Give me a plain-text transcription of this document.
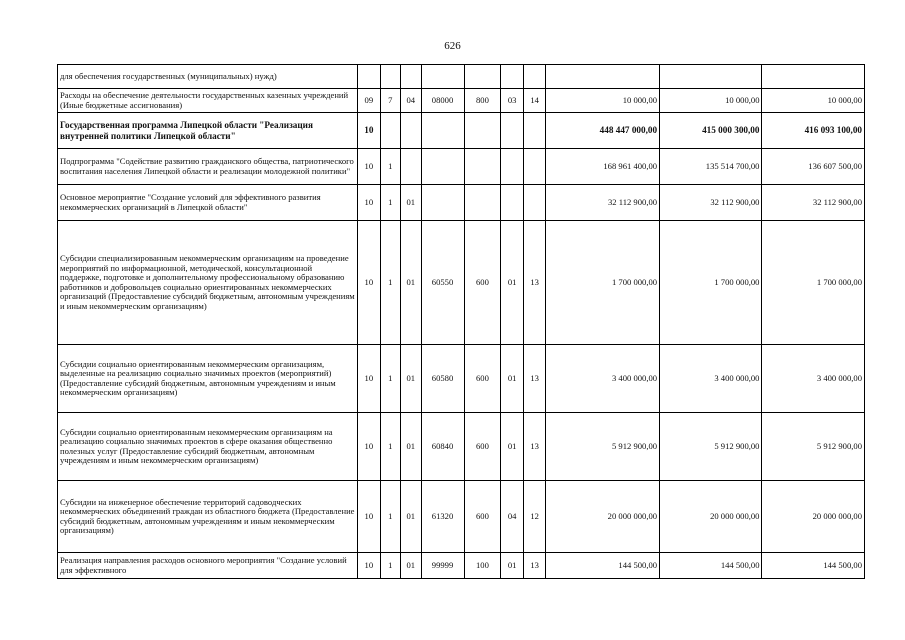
626
для обеспечения государственных (муниципальных) нужд)										
Расходы на обеспечение деятельности государственных казенных учреждений (Иные бюджетные ассигнования)	09	7	04	08000	800	03	14	10 000,00	10 000,00	10 000,00
Государственная программа Липецкой области "Реализация внутренней политики Липецкой области"	10							448 447 000,00	415 000 300,00	416 093 100,00
Подпрограмма "Содействие развитию гражданского общества, патриотического воспитания населения Липецкой области и реализации молодежной политики"	10	1						168 961 400,00	135 514 700,00	136 607 500,00
Основное мероприятие "Создание условий для эффективного развития некоммерческих организаций в Липецкой области"	10	1	01					32 112 900,00	32 112 900,00	32 112 900,00
Субсидии специализированным некоммерческим организациям на проведение мероприятий по информационной, методической, консультационной поддержке, подготовке и дополнительному профессиональному образованию работников и добровольцев социально ориентированных некоммерческих организаций (Предоставление субсидий бюджетным, автономным учреждениям и иным некоммерческим организациям)	10	1	01	60550	600	01	13	1 700 000,00	1 700 000,00	1 700 000,00
Субсидии социально ориентированным некоммерческим организациям, выделенные на реализацию социально значимых проектов (мероприятий) (Предоставление субсидий бюджетным, автономным учреждениям и иным некоммерческим организациям)	10	1	01	60580	600	01	13	3 400 000,00	3 400 000,00	3 400 000,00
Субсидии социально ориентированным некоммерческим организациям на реализацию социально значимых проектов в сфере оказания общественно полезных услуг (Предоставление субсидий бюджетным, автономным учреждениям и иным некоммерческим организациям)	10	1	01	60840	600	01	13	5 912 900,00	5 912 900,00	5 912 900,00
Субсидии на инженерное обеспечение территорий садоводческих некоммерческих объединений граждан из областного бюджета (Предоставление субсидий бюджетным, автономным учреждениям и иным некоммерческим организациям)	10	1	01	61320	600	04	12	20 000 000,00	20 000 000,00	20 000 000,00
Реализация направления расходов основного мероприятия "Создание условий для эффективного	10	1	01	99999	100	01	13	144 500,00	144 500,00	144 500,00
